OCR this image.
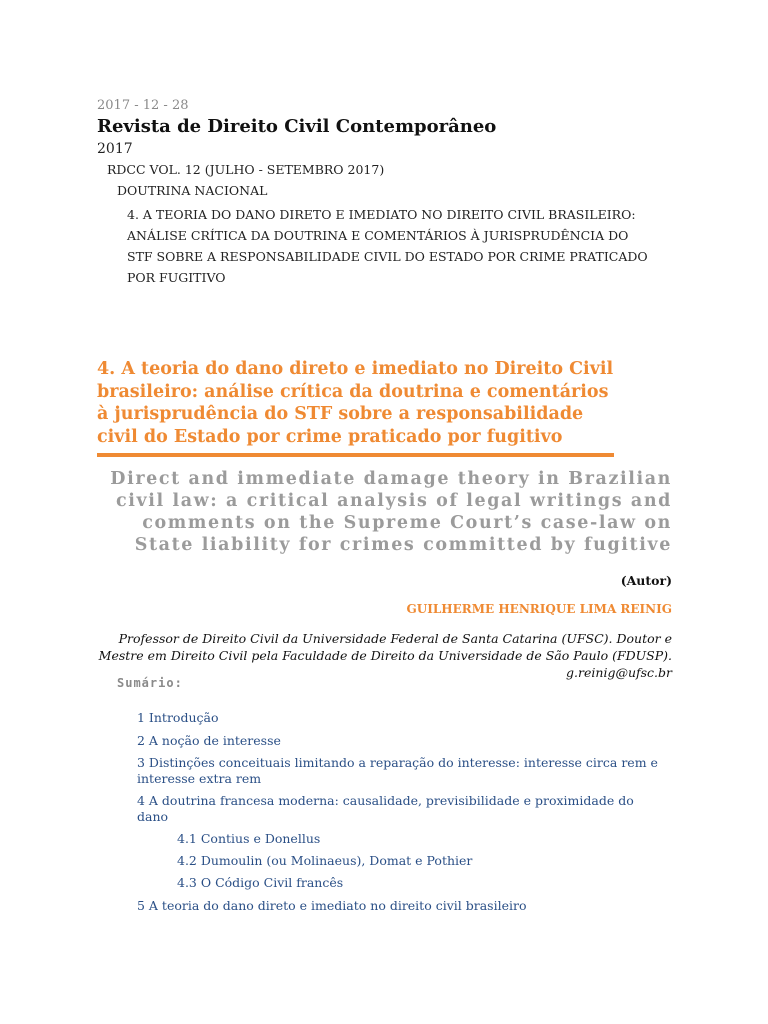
2017 - 12 - 28
Revista de Direito Civil Contemporâneo
2017
RDCC VOL. 12 (JULHO - SETEMBRO 2017)
DOUTRINA NACIONAL
4. A TEORIA DO DANO DIRETO E IMEDIATO NO DIREITO CIVIL BRASILEIRO: ANÁLISE CRÍTICA DA DOUTRINA E COMENTÁRIOS À JURISPRUDÊNCIA DO STF SOBRE A RESPONSABILIDADE CIVIL DO ESTADO POR CRIME PRATICADO POR FUGITIVO
4. A teoria do dano direto e imediato no Direito Civil brasileiro: análise crítica da doutrina e comentários à jurisprudência do STF sobre a responsabilidade civil do Estado por crime praticado por fugitivo
Direct and immediate damage theory in Brazilian civil law: a critical analysis of legal writings and comments on the Supreme Court’s case-law on State liability for crimes committed by fugitive
(Autor)
GUILHERME HENRIQUE LIMA REINIG
Professor de Direito Civil da Universidade Federal de Santa Catarina (UFSC). Doutor e Mestre em Direito Civil pela Faculdade de Direito da Universidade de São Paulo (FDUSP). g.reinig@ufsc.br
Sumário:
1 Introdução
2 A noção de interesse
3 Distinções conceituais limitando a reparação do interesse: interesse circa rem e interesse extra rem
4 A doutrina francesa moderna: causalidade, previsibilidade e proximidade do dano
4.1 Contius e Donellus
4.2 Dumoulin (ou Molinaeus), Domat e Pothier
4.3 O Código Civil francês
5 A teoria do dano direto e imediato no direito civil brasileiro
